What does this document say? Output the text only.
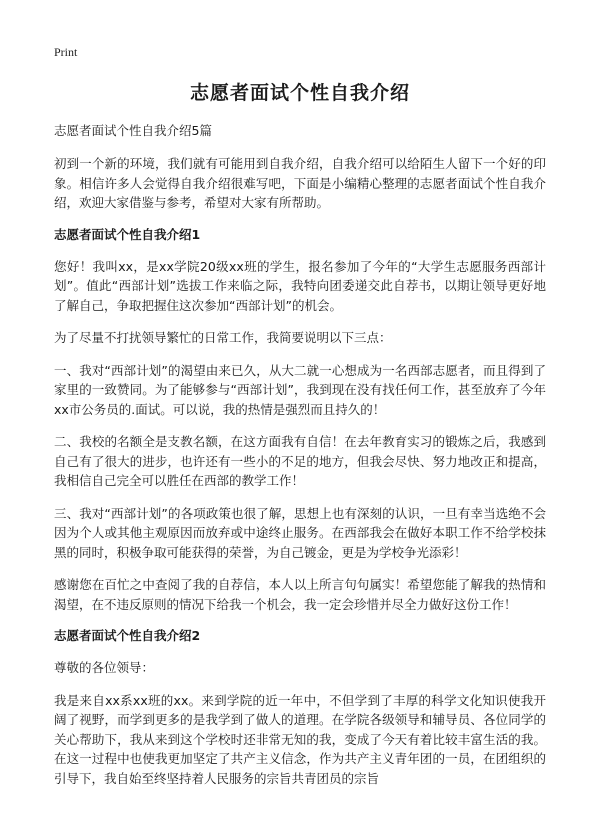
Print
志愿者面试个性自我介绍
志愿者面试个性自我介绍5篇

初到一个新的环境，我们就有可能用到自我介绍，自我介绍可以给陌生人留下一个好的印象。相信许多人会觉得自我介绍很难写吧，下面是小编精心整理的志愿者面试个性自我介绍，欢迎大家借鉴与参考，希望对大家有所帮助。

志愿者面试个性自我介绍1

您好！我叫xx，是xx学院20级xx班的学生，报名参加了今年的“大学生志愿服务西部计划”。值此“西部计划”选拔工作来临之际，我特向团委递交此自荐书，以期让领导更好地了解自己，争取把握住这次参加“西部计划”的机会。

为了尽量不打扰领导繁忙的日常工作，我简要说明以下三点：

一、我对“西部计划”的渴望由来已久，从大二就一心想成为一名西部志愿者，而且得到了家里的一致赞同。为了能够参与“西部计划”，我到现在没有找任何工作，甚至放弃了今年xx市公务员的.面试。可以说，我的热情是强烈而且持久的！

二、我校的名额全是支教名额，在这方面我有自信！在去年教育实习的锻炼之后，我感到自己有了很大的进步，也许还有一些小的不足的地方，但我会尽快、努力地改正和提高，我相信自己完全可以胜任在西部的教学工作！

三、我对“西部计划”的各项政策也很了解，思想上也有深刻的认识，一旦有幸当选绝不会因为个人或其他主观原因而放弃或中途终止服务。在西部我会在做好本职工作不给学校抹黑的同时，积极争取可能获得的荣誉，为自己镀金，更是为学校争光添彩！

感谢您在百忙之中查阅了我的自荐信，本人以上所言句句属实！希望您能了解我的热情和渴望，在不违反原则的情况下给我一个机会，我一定会珍惜并尽全力做好这份工作！

志愿者面试个性自我介绍2

尊敬的各位领导：

我是来自xx系xx班的xx。来到学院的近一年中，不但学到了丰厚的科学文化知识使我开阔了视野，而学到更多的是我学到了做人的道理。在学院各级领导和辅导员、各位同学的关心帮助下，我从来到这个学校时还非常无知的我，变成了今天有着比较丰富生活的我。在这一过程中也使我更加坚定了共产主义信念，作为共产主义青年团的一员，在团组织的引导下，我自始至终坚持着人民服务的宗旨共青团员的宗旨
